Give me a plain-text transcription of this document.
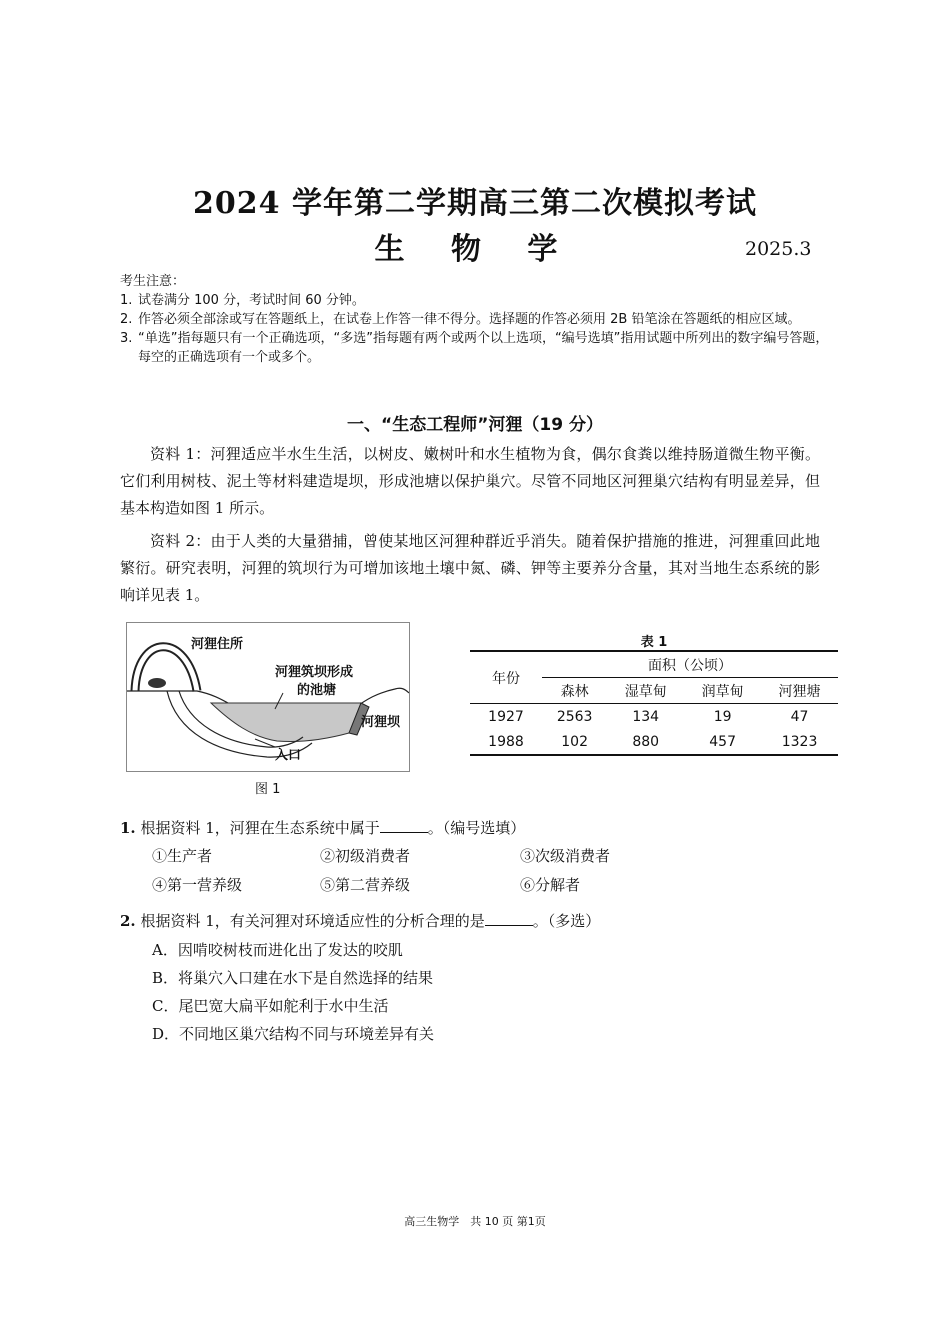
2024 学年第二学期高三第二次模拟考试
生 物 学	2025.3
考生注意：
1. 试卷满分 100 分，考试时间 60 分钟。
2. 作答必须全部涂或写在答题纸上，在试卷上作答一律不得分。选择题的作答必须用 2B 铅笔涂在答题纸的相应区域。
3. “单选”指每题只有一个正确选项，“多选”指每题有两个或两个以上选项，“编号选填”指用试题中所列出的数字编号答题，每空的正确选项有一个或多个。
一、“生态工程师”河狸（19 分）
资料 1：河狸适应半水生生活，以树皮、嫩树叶和水生植物为食，偶尔食粪以维持肠道微生物平衡。它们利用树枝、泥土等材料建造堤坝，形成池塘以保护巢穴。尽管不同地区河狸巢穴结构有明显差异，但基本构造如图 1 所示。
资料 2：由于人类的大量猎捕，曾使某地区河狸种群近乎消失。随着保护措施的推进，河狸重回此地繁衍。研究表明，河狸的筑坝行为可增加该地土壤中氮、磷、钾等主要养分含量，其对当地生态系统的影响详见表 1。
河狸住所
河狸筑坝形成
的池塘
河狸坝
入口
图 1
表 1
年份	面积（公顷）			
	森林	湿草甸	润草甸	河狸塘
1927	2563	134	19	47
1988	102	880	457	1323
1. 根据资料 1，河狸在生态系统中属于	。（编号选填）
①生产者	②初级消费者	③次级消费者
④第一营养级	⑤第二营养级	⑥分解者
2. 根据资料 1，有关河狸对环境适应性的分析合理的是	。（多选）
A．因啃咬树枝而进化出了发达的咬肌
B．将巢穴入口建在水下是自然选择的结果
C．尾巴宽大扁平如舵利于水中生活
D．不同地区巢穴结构不同与环境差异有关
高三生物学　共 10 页 第1页
